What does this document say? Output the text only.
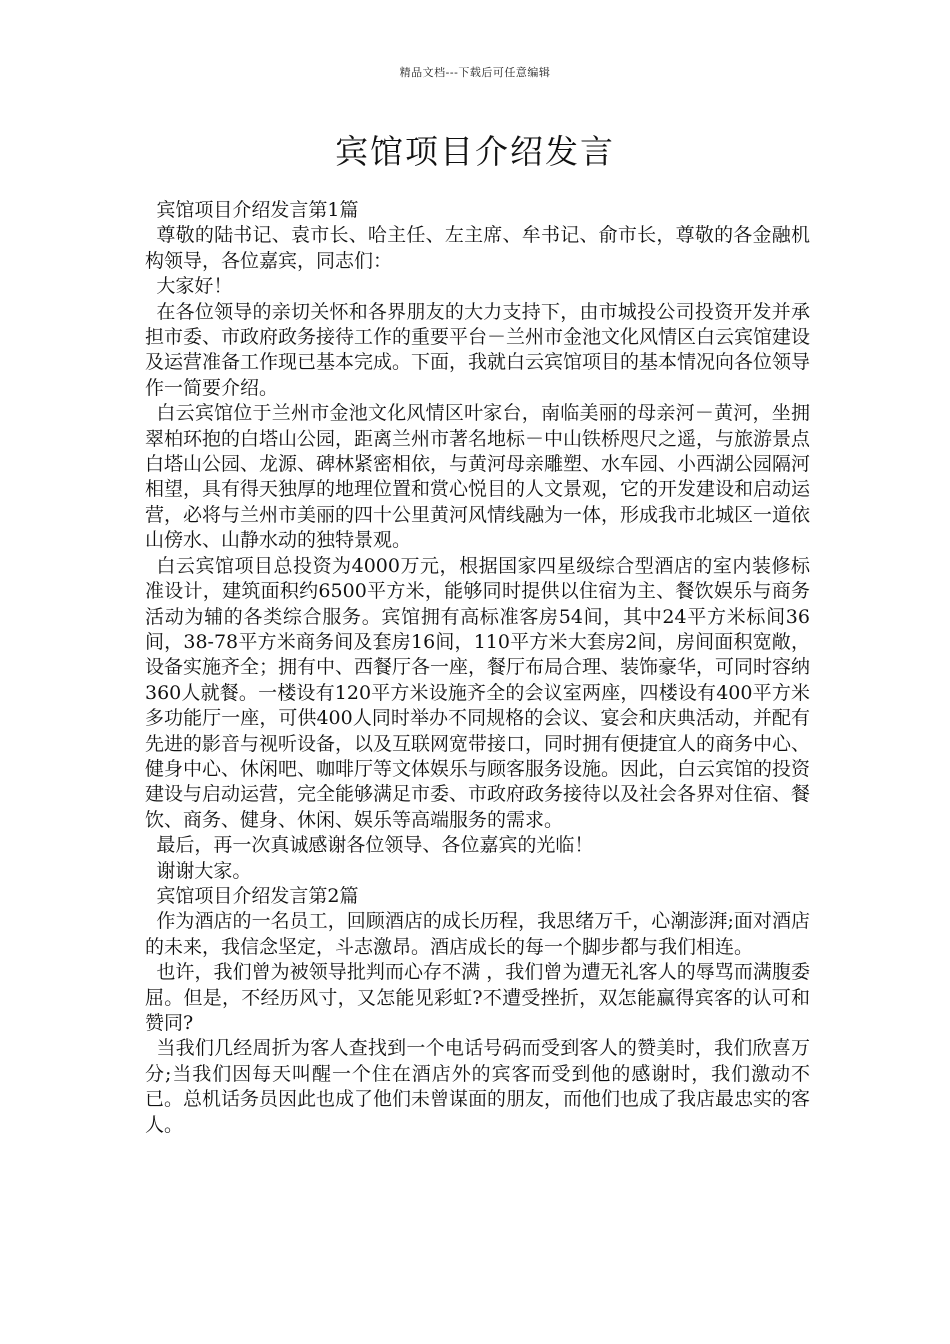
精品文档---下载后可任意编辑
宾馆项目介绍发言

宾馆项目介绍发言第1篇

尊敬的陆书记、袁市长、哈主任、左主席、牟书记、俞市长，尊敬的各金融机构领导，各位嘉宾，同志们：

大家好！

在各位领导的亲切关怀和各界朋友的大力支持下，由市城投公司投资开发并承担市委、市政府政务接待工作的重要平台－兰州市金池文化风情区白云宾馆建设及运营准备工作现已基本完成。下面，我就白云宾馆项目的基本情况向各位领导作一简要介绍。

白云宾馆位于兰州市金池文化风情区叶家台，南临美丽的母亲河－黄河，坐拥翠柏环抱的白塔山公园，距离兰州市著名地标－中山铁桥咫尺之遥，与旅游景点白塔山公园、龙源、碑林紧密相依，与黄河母亲雕塑、水车园、小西湖公园隔河相望，具有得天独厚的地理位置和赏心悦目的人文景观，它的开发建设和启动运营，必将与兰州市美丽的四十公里黄河风情线融为一体，形成我市北城区一道依山傍水、山静水动的独特景观。

白云宾馆项目总投资为4000万元，根据国家四星级综合型酒店的室内装修标准设计，建筑面积约6500平方米，能够同时提供以住宿为主、餐饮娱乐与商务活动为辅的各类综合服务。宾馆拥有高标准客房54间，其中24平方米标间36间，38-78平方米商务间及套房16间，110平方米大套房2间，房间面积宽敞，设备实施齐全；拥有中、西餐厅各一座，餐厅布局合理、装饰豪华，可同时容纳360人就餐。一楼设有120平方米设施齐全的会议室两座，四楼设有400平方米多功能厅一座，可供400人同时举办不同规格的会议、宴会和庆典活动，并配有先进的影音与视听设备，以及互联网宽带接口，同时拥有便捷宜人的商务中心、健身中心、休闲吧、咖啡厅等文体娱乐与顾客服务设施。因此，白云宾馆的投资建设与启动运营，完全能够满足市委、市政府政务接待以及社会各界对住宿、餐饮、商务、健身、休闲、娱乐等高端服务的需求。

最后，再一次真诚感谢各位领导、各位嘉宾的光临！

谢谢大家。

宾馆项目介绍发言第2篇

作为酒店的一名员工，回顾酒店的成长历程，我思绪万千，心潮澎湃;面对酒店的未来，我信念坚定，斗志激昂。酒店成长的每一个脚步都与我们相连。

也许，我们曾为被领导批判而心存不满 ，我们曾为遭无礼客人的辱骂而满腹委屈。但是，不经历风寸，又怎能见彩虹?不遭受挫折，双怎能赢得宾客的认可和赞同?

当我们几经周折为客人查找到一个电话号码而受到客人的赞美时，我们欣喜万分;当我们因每天叫醒一个住在酒店外的宾客而受到他的感谢时，我们激动不已。总机话务员因此也成了他们未曾谋面的朋友，而他们也成了我店最忠实的客人。
